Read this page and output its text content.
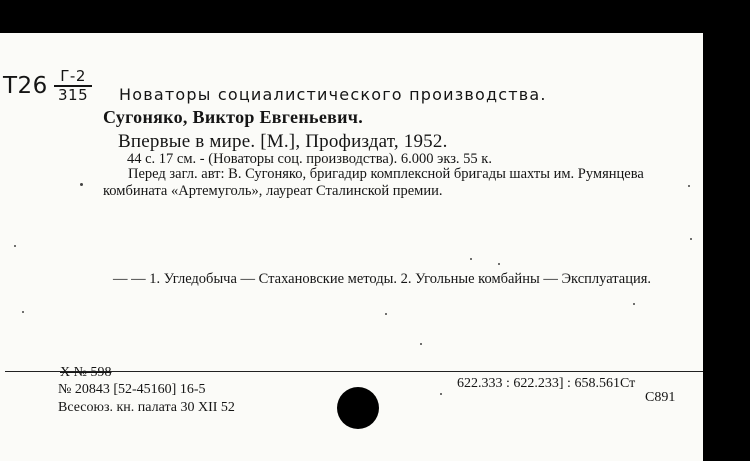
Т26 Г-2
315 Новаторы социалистического производства.
Сугоняко, Виктор Евгеньевич.
Впервые в мире. [М.], Профиздат, 1952.
44 с. 17 см. - (Новаторы соц. производства). 6.000 экз. 55 к.
Перед загл. авт: В. Сугоняко, бригадир комплексной бригады шахты им. Румянцева комбината «Артемуголь», лауреат Сталинской премии.
— — 1. Угледобыча — Стахановские методы. 2. Угольные комбайны — Эксплуатация.
Х № 598
№ 20843 [52-45160] 16-5
Всесоюз. кн. палата 30 XII 52
622.333 : 622.233] : 658.561Ст
С891
